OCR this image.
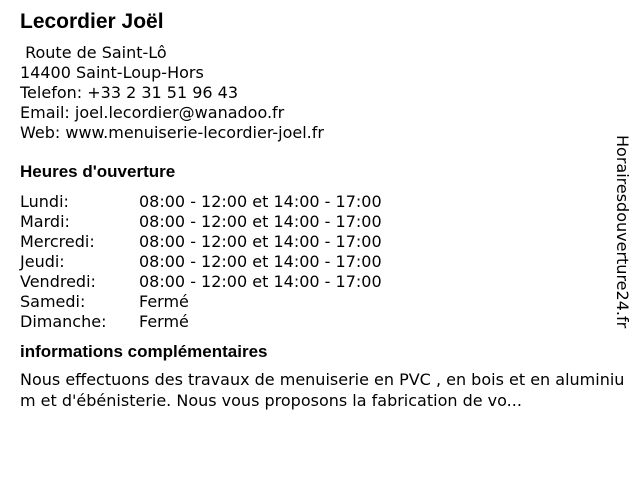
Lecordier Joël
Route de Saint-Lô
14400 Saint-Loup-Hors
Telefon: +33 2 31 51 96 43
Email: joel.lecordier@wanadoo.fr
Web: www.menuiserie-lecordier-joel.fr
Heures d'ouverture
Lundi:	08:00 - 12:00 et 14:00 - 17:00
Mardi:	08:00 - 12:00 et 14:00 - 17:00
Mercredi:	08:00 - 12:00 et 14:00 - 17:00
Jeudi:	08:00 - 12:00 et 14:00 - 17:00
Vendredi:	08:00 - 12:00 et 14:00 - 17:00
Samedi:	Fermé
Dimanche:	Fermé
informations complémentaires
Nous effectuons des travaux de menuiserie en PVC , en bois et en aluminium et d'ébénisterie. Nous vous proposons la fabrication de vo...
Horairesdouverture24.fr
